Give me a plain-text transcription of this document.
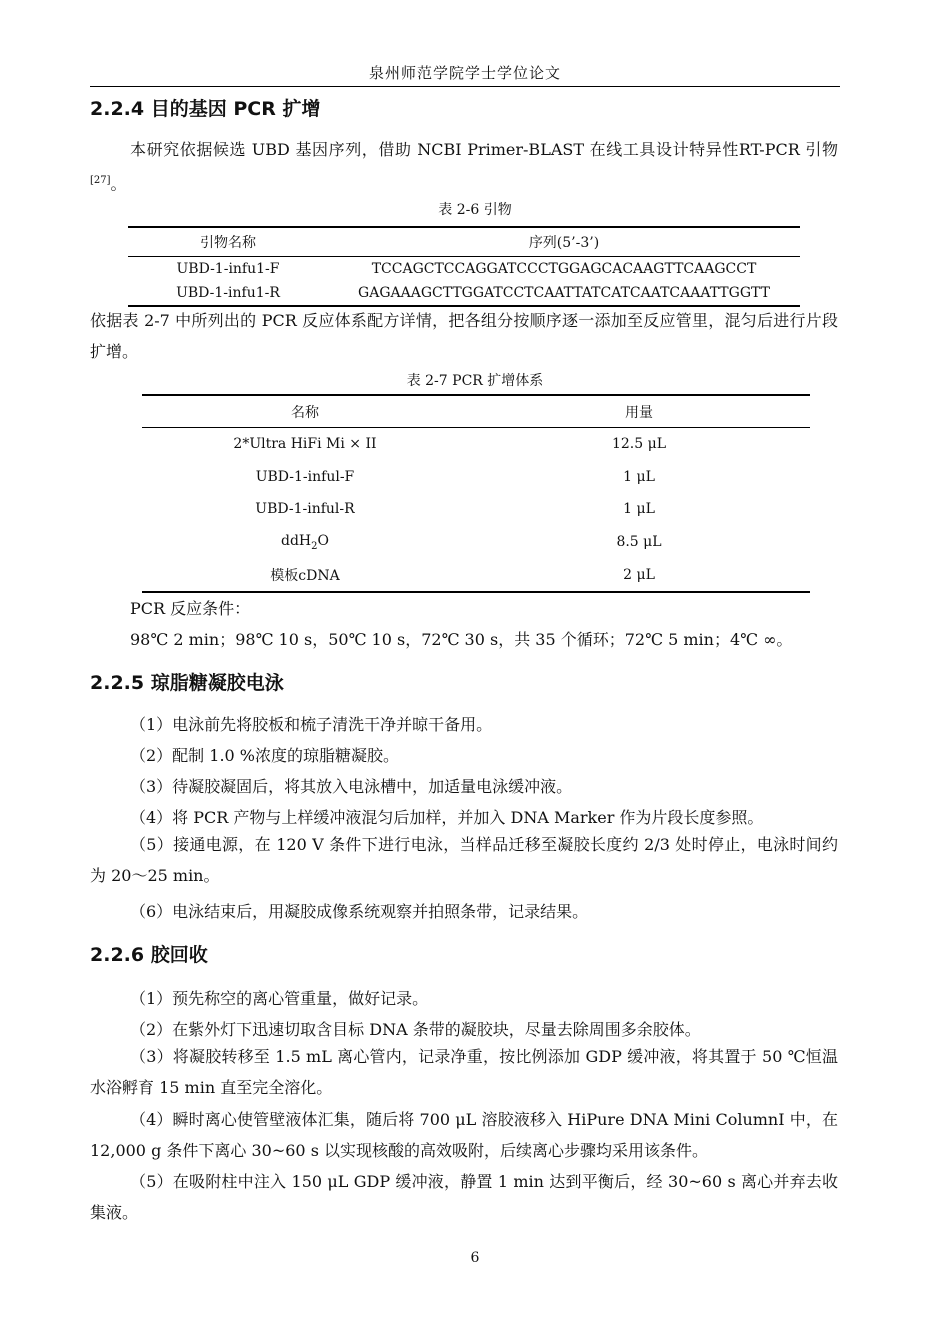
泉州师范学院学士学位论文
2.2.4 目的基因 PCR 扩增

本研究依据候选 UBD 基因序列，借助 NCBI Primer-BLAST 在线工具设计特异性RT-PCR 引物[27]。

表 2-6 引物
引物名称	序列(5’-3’)
UBD-1-infu1-F	TCCAGCTCCAGGATCCCTGGAGCACAAGTTCAAGCCT
UBD-1-infu1-R	GAGAAAGCTTGGATCCTCAATTATCATCAATCAAATTGGTT

依据表 2-7 中所列出的 PCR 反应体系配方详情，把各组分按顺序逐一添加至反应管里，混匀后进行片段扩增。

表 2-7 PCR 扩增体系
名称	用量
2*Ultra HiFi Mi × II	12.5 μL
UBD-1-inful-F	1 μL
UBD-1-inful-R	1 μL
ddH$_2$O	8.5 μL
模板cDNA	2 μL
PCR 反应条件：
98℃ 2 min；98℃ 10 s，50℃ 10 s，72℃ 30 s，共 35 个循环；72℃ 5 min；4℃ ∞。
2.2.5 琼脂糖凝胶电泳
（1）电泳前先将胶板和梳子清洗干净并晾干备用。
（2）配制 1.0 %浓度的琼脂糖凝胶。
（3）待凝胶凝固后，将其放入电泳槽中，加适量电泳缓冲液。
（4）将 PCR 产物与上样缓冲液混匀后加样，并加入 DNA Marker 作为片段长度参照。

（5）接通电源，在 120 V 条件下进行电泳，当样品迁移至凝胶长度约 2/3 处时停止，电泳时间约为 20～25 min。

（6）电泳结束后，用凝胶成像系统观察并拍照条带，记录结果。
2.2.6 胶回收
（1）预先称空的离心管重量，做好记录。
（2）在紫外灯下迅速切取含目标 DNA 条带的凝胶块，尽量去除周围多余胶体。

（3）将凝胶转移至 1.5 mL 离心管内，记录净重，按比例添加 GDP 缓冲液，将其置于 50 ℃恒温水浴孵育 15 min 直至完全溶化。

（4）瞬时离心使管壁液体汇集，随后将 700 μL 溶胶液移入 HiPure DNA Mini ColumnI 中，在 12,000 g 条件下离心 30~60 s 以实现核酸的高效吸附，后续离心步骤均采用该条件。

（5）在吸附柱中注入 150 μL GDP 缓冲液，静置 1 min 达到平衡后，经 30~60 s 离心并弃去收集液。

6
